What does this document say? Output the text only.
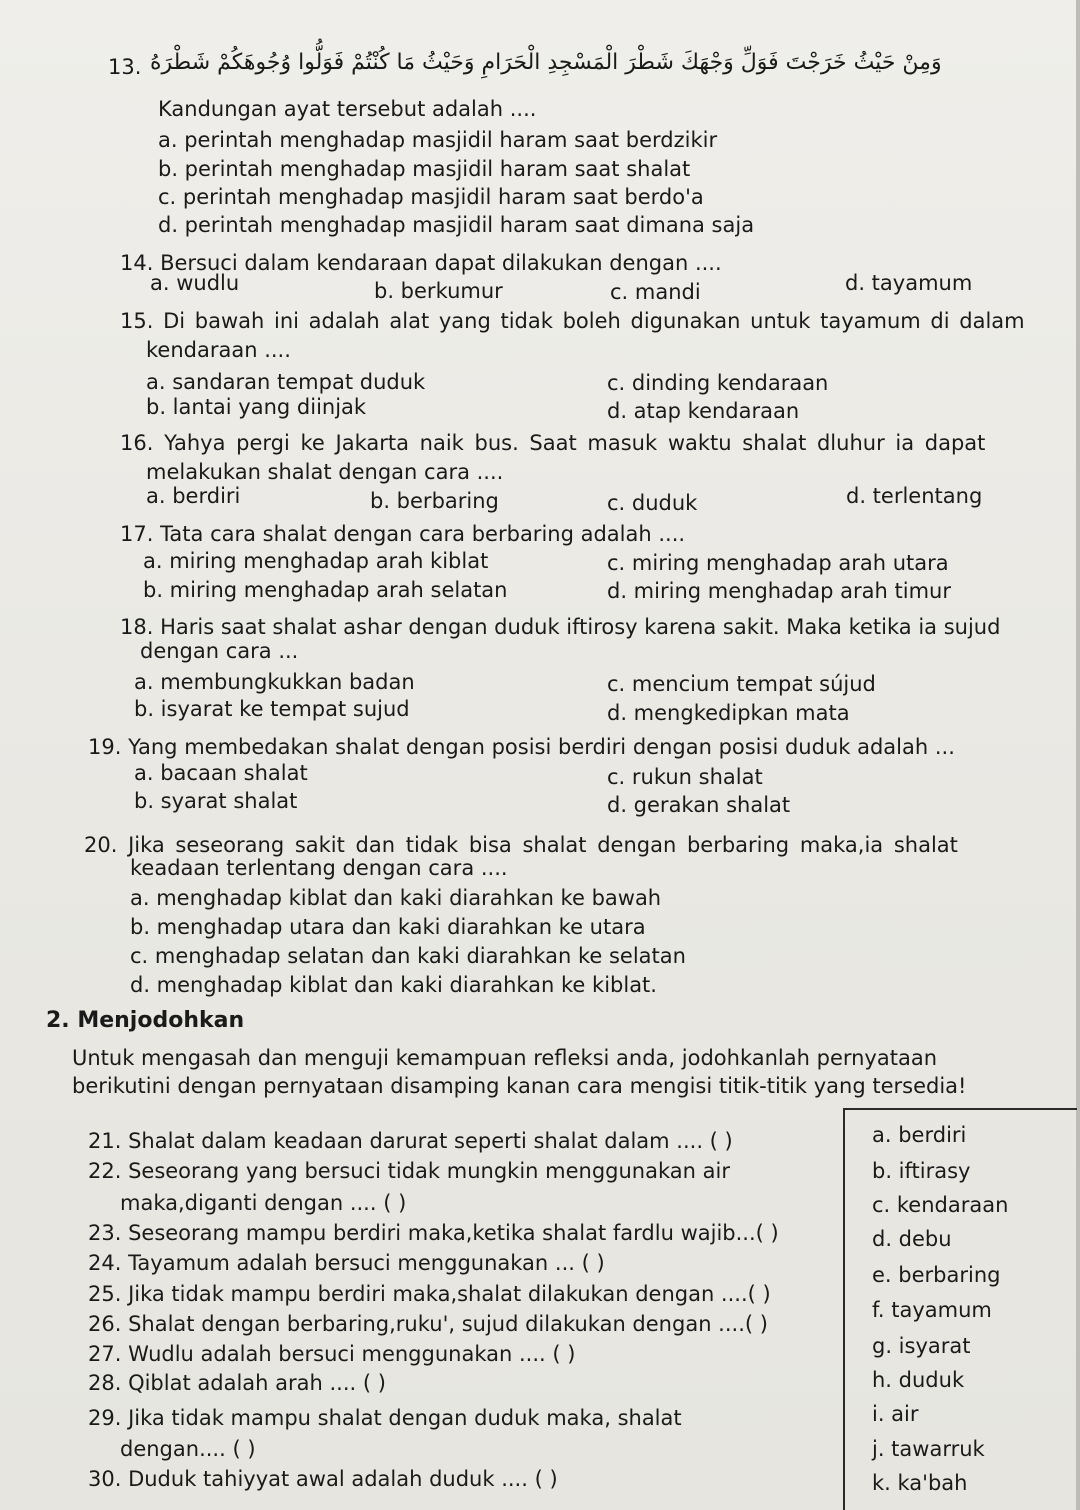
13. وَمِنْ حَيْثُ خَرَجْتَ فَوَلِّ وَجْهَكَ شَطْرَ الْمَسْجِدِ الْحَرَامِ وَحَيْثُ مَا كُنْتُمْ فَوَلُّوا وُجُوهَكُمْ شَطْرَهُ
Kandungan ayat tersebut adalah ....
a. perintah menghadap masjidil haram saat berdzikir
b. perintah menghadap masjidil haram saat shalat
c. perintah menghadap masjidil haram saat berdo'a
d. perintah menghadap masjidil haram saat dimana saja
14. Bersuci dalam kendaraan dapat dilakukan dengan ....
a. wudlu	b. berkumur	c. mandi	d. tayamum
15. Di bawah ini adalah alat yang tidak boleh digunakan untuk tayamum di dalam
kendaraan ....
a. sandaran tempat duduk
b. lantai yang diinjak
c. dinding kendaraan
d. atap kendaraan
16. Yahya pergi ke Jakarta naik bus. Saat masuk waktu shalat dluhur ia dapat
melakukan shalat dengan cara ....
a. berdiri	b. berbaring	c. duduk	d. terlentang
17. Tata cara shalat dengan cara berbaring adalah ....
a. miring menghadap arah kiblat
b. miring menghadap arah selatan
c. miring menghadap arah utara
d. miring menghadap arah timur
18. Haris saat shalat ashar dengan duduk iftirosy karena sakit. Maka ketika ia sujud
dengan cara ...
a. membungkukkan badan
b. isyarat ke tempat sujud
c. mencium tempat sújud
d. mengkedipkan mata
19. Yang membedakan shalat dengan posisi berdiri dengan posisi duduk adalah ...
a. bacaan shalat
b. syarat shalat
c. rukun shalat
d. gerakan shalat
20. Jika seseorang sakit dan tidak bisa shalat dengan berbaring maka,ia shalat
keadaan terlentang dengan cara ....
a. menghadap kiblat dan kaki diarahkan ke bawah
b. menghadap utara dan kaki diarahkan ke utara
c. menghadap selatan dan kaki diarahkan ke selatan
d. menghadap kiblat dan kaki diarahkan ke kiblat.
2. Menjodohkan
Untuk mengasah dan menguji kemampuan refleksi anda, jodohkanlah pernyataan
berikutini dengan pernyataan disamping kanan cara mengisi titik-titik yang tersedia!
21. Shalat dalam keadaan darurat seperti shalat dalam .... ( )
22. Seseorang yang bersuci tidak mungkin menggunakan air
maka,diganti dengan .... ( )
23. Seseorang mampu berdiri maka,ketika shalat fardlu wajib...( )
24. Tayamum adalah bersuci menggunakan ... ( )
25. Jika tidak mampu berdiri maka,shalat dilakukan dengan ....( )
26. Shalat dengan berbaring,ruku', sujud dilakukan dengan ....( )
27. Wudlu adalah bersuci menggunakan .... ( )
28. Qiblat adalah arah .... ( )
29. Jika tidak mampu shalat dengan duduk maka, shalat
dengan.... ( )
30. Duduk tahiyyat awal adalah duduk .... ( )
a. berdiri
b. iftirasy
c. kendaraan
d. debu
e. berbaring
f. tayamum
g. isyarat
h. duduk
i. air
j. tawarruk
k. ka'bah
